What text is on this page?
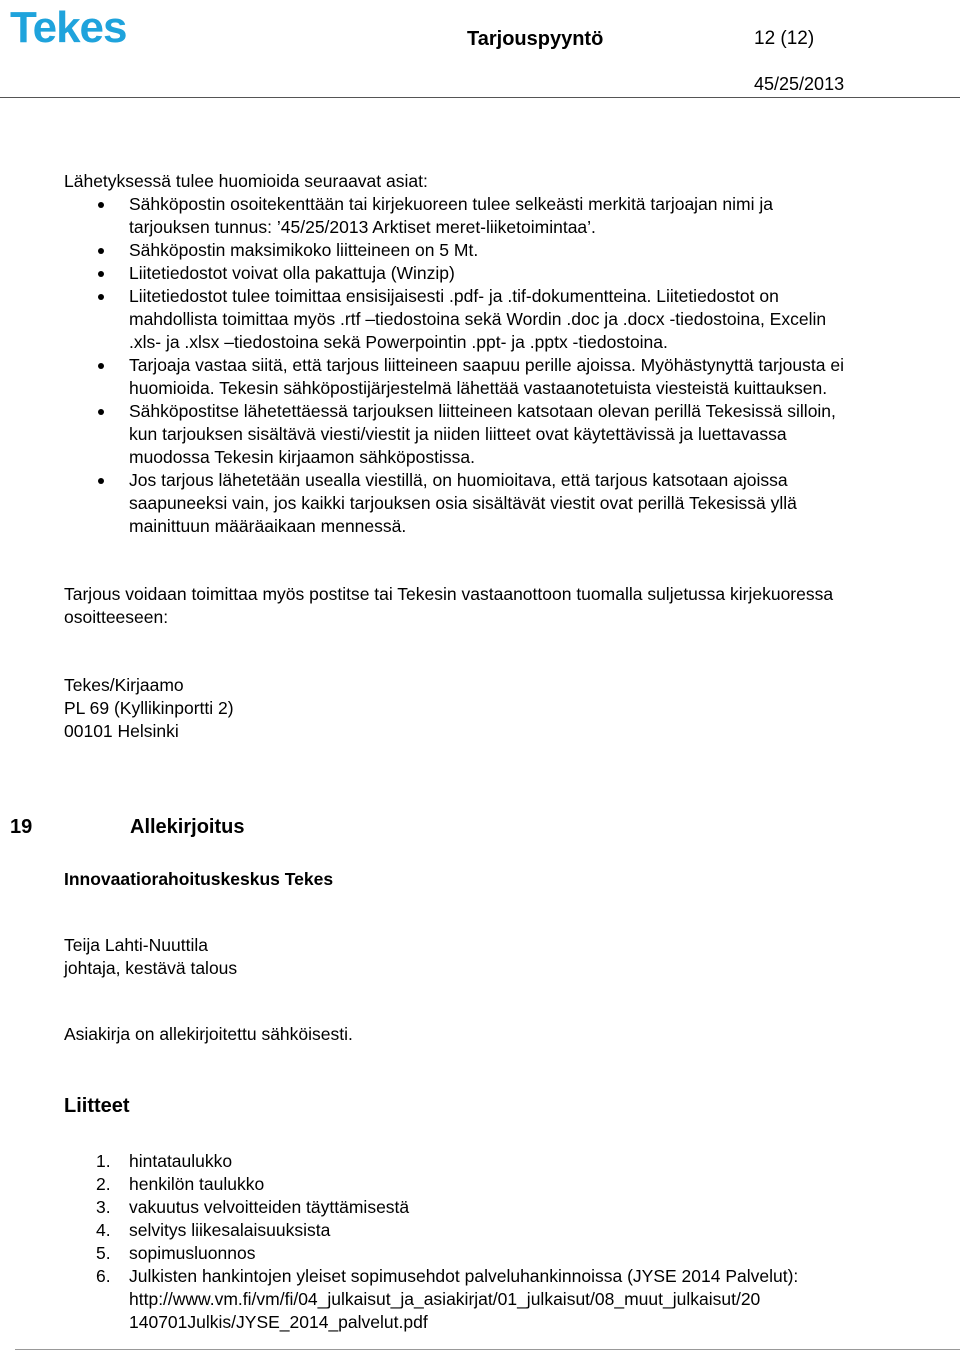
Tekes	Tarjouspyyntö	12 (12)
45/25/2013

Lähetyksessä tulee huomioida seuraavat asiat:

Sähköpostin osoitekenttään tai kirjekuoreen tulee selkeästi merkitä tarjoajan nimi ja tarjouksen tunnus: ’45/25/2013 Arktiset meret-liiketoimintaa’.
Sähköpostin maksimikoko liitteineen on 5 Mt.
Liitetiedostot voivat olla pakattuja (Winzip)
Liitetiedostot tulee toimittaa ensisijaisesti .pdf- ja .tif-dokumentteina. Liitetiedostot on mahdollista toimittaa myös .rtf –tiedostoina sekä Wordin .doc ja .docx -tiedostoina, Excelin .xls- ja .xlsx –tiedostoina sekä Powerpointin .ppt- ja .pptx -tiedostoina.
Tarjoaja vastaa siitä, että tarjous liitteineen saapuu perille ajoissa. Myöhästynyttä tarjousta ei huomioida. Tekesin sähköpostijärjestelmä lähettää vastaanotetuista viesteistä kuittauksen.
Sähköpostitse lähetettäessä tarjouksen liitteineen katsotaan olevan perillä Tekesissä silloin, kun tarjouksen sisältävä viesti/viestit ja niiden liitteet ovat käytettävissä ja luettavassa muodossa Tekesin kirjaamon sähköpostissa.
Jos tarjous lähetetään usealla viestillä, on huomioitava, että tarjous katsotaan ajoissa saapuneeksi vain, jos kaikki tarjouksen osia sisältävät viestit ovat perillä Tekesissä yllä mainittuun määräaikaan mennessä.

Tarjous voidaan toimittaa myös postitse tai Tekesin vastaanottoon tuomalla suljetussa kirjekuoressa osoitteeseen:

Tekes/Kirjaamo
PL 69 (Kyllikinportti 2)
00101 Helsinki
19	Allekirjoitus
Innovaatiorahoituskeskus Tekes
Teija Lahti-Nuuttila
johtaja, kestävä talous
Asiakirja on allekirjoitettu sähköisesti.
Liitteet
1. hintataulukko
2. henkilön taulukko
3. vakuutus velvoitteiden täyttämisestä
4. selvitys liikesalaisuuksista
5. sopimusluonnos
6. Julkisten hankintojen yleiset sopimusehdot palveluhankinnoissa (JYSE 2014 Palvelut):
http://www.vm.fi/vm/fi/04_julkaisut_ja_asiakirjat/01_julkaisut/08_muut_julkaisut/20
140701Julkis/JYSE_2014_palvelut.pdf
